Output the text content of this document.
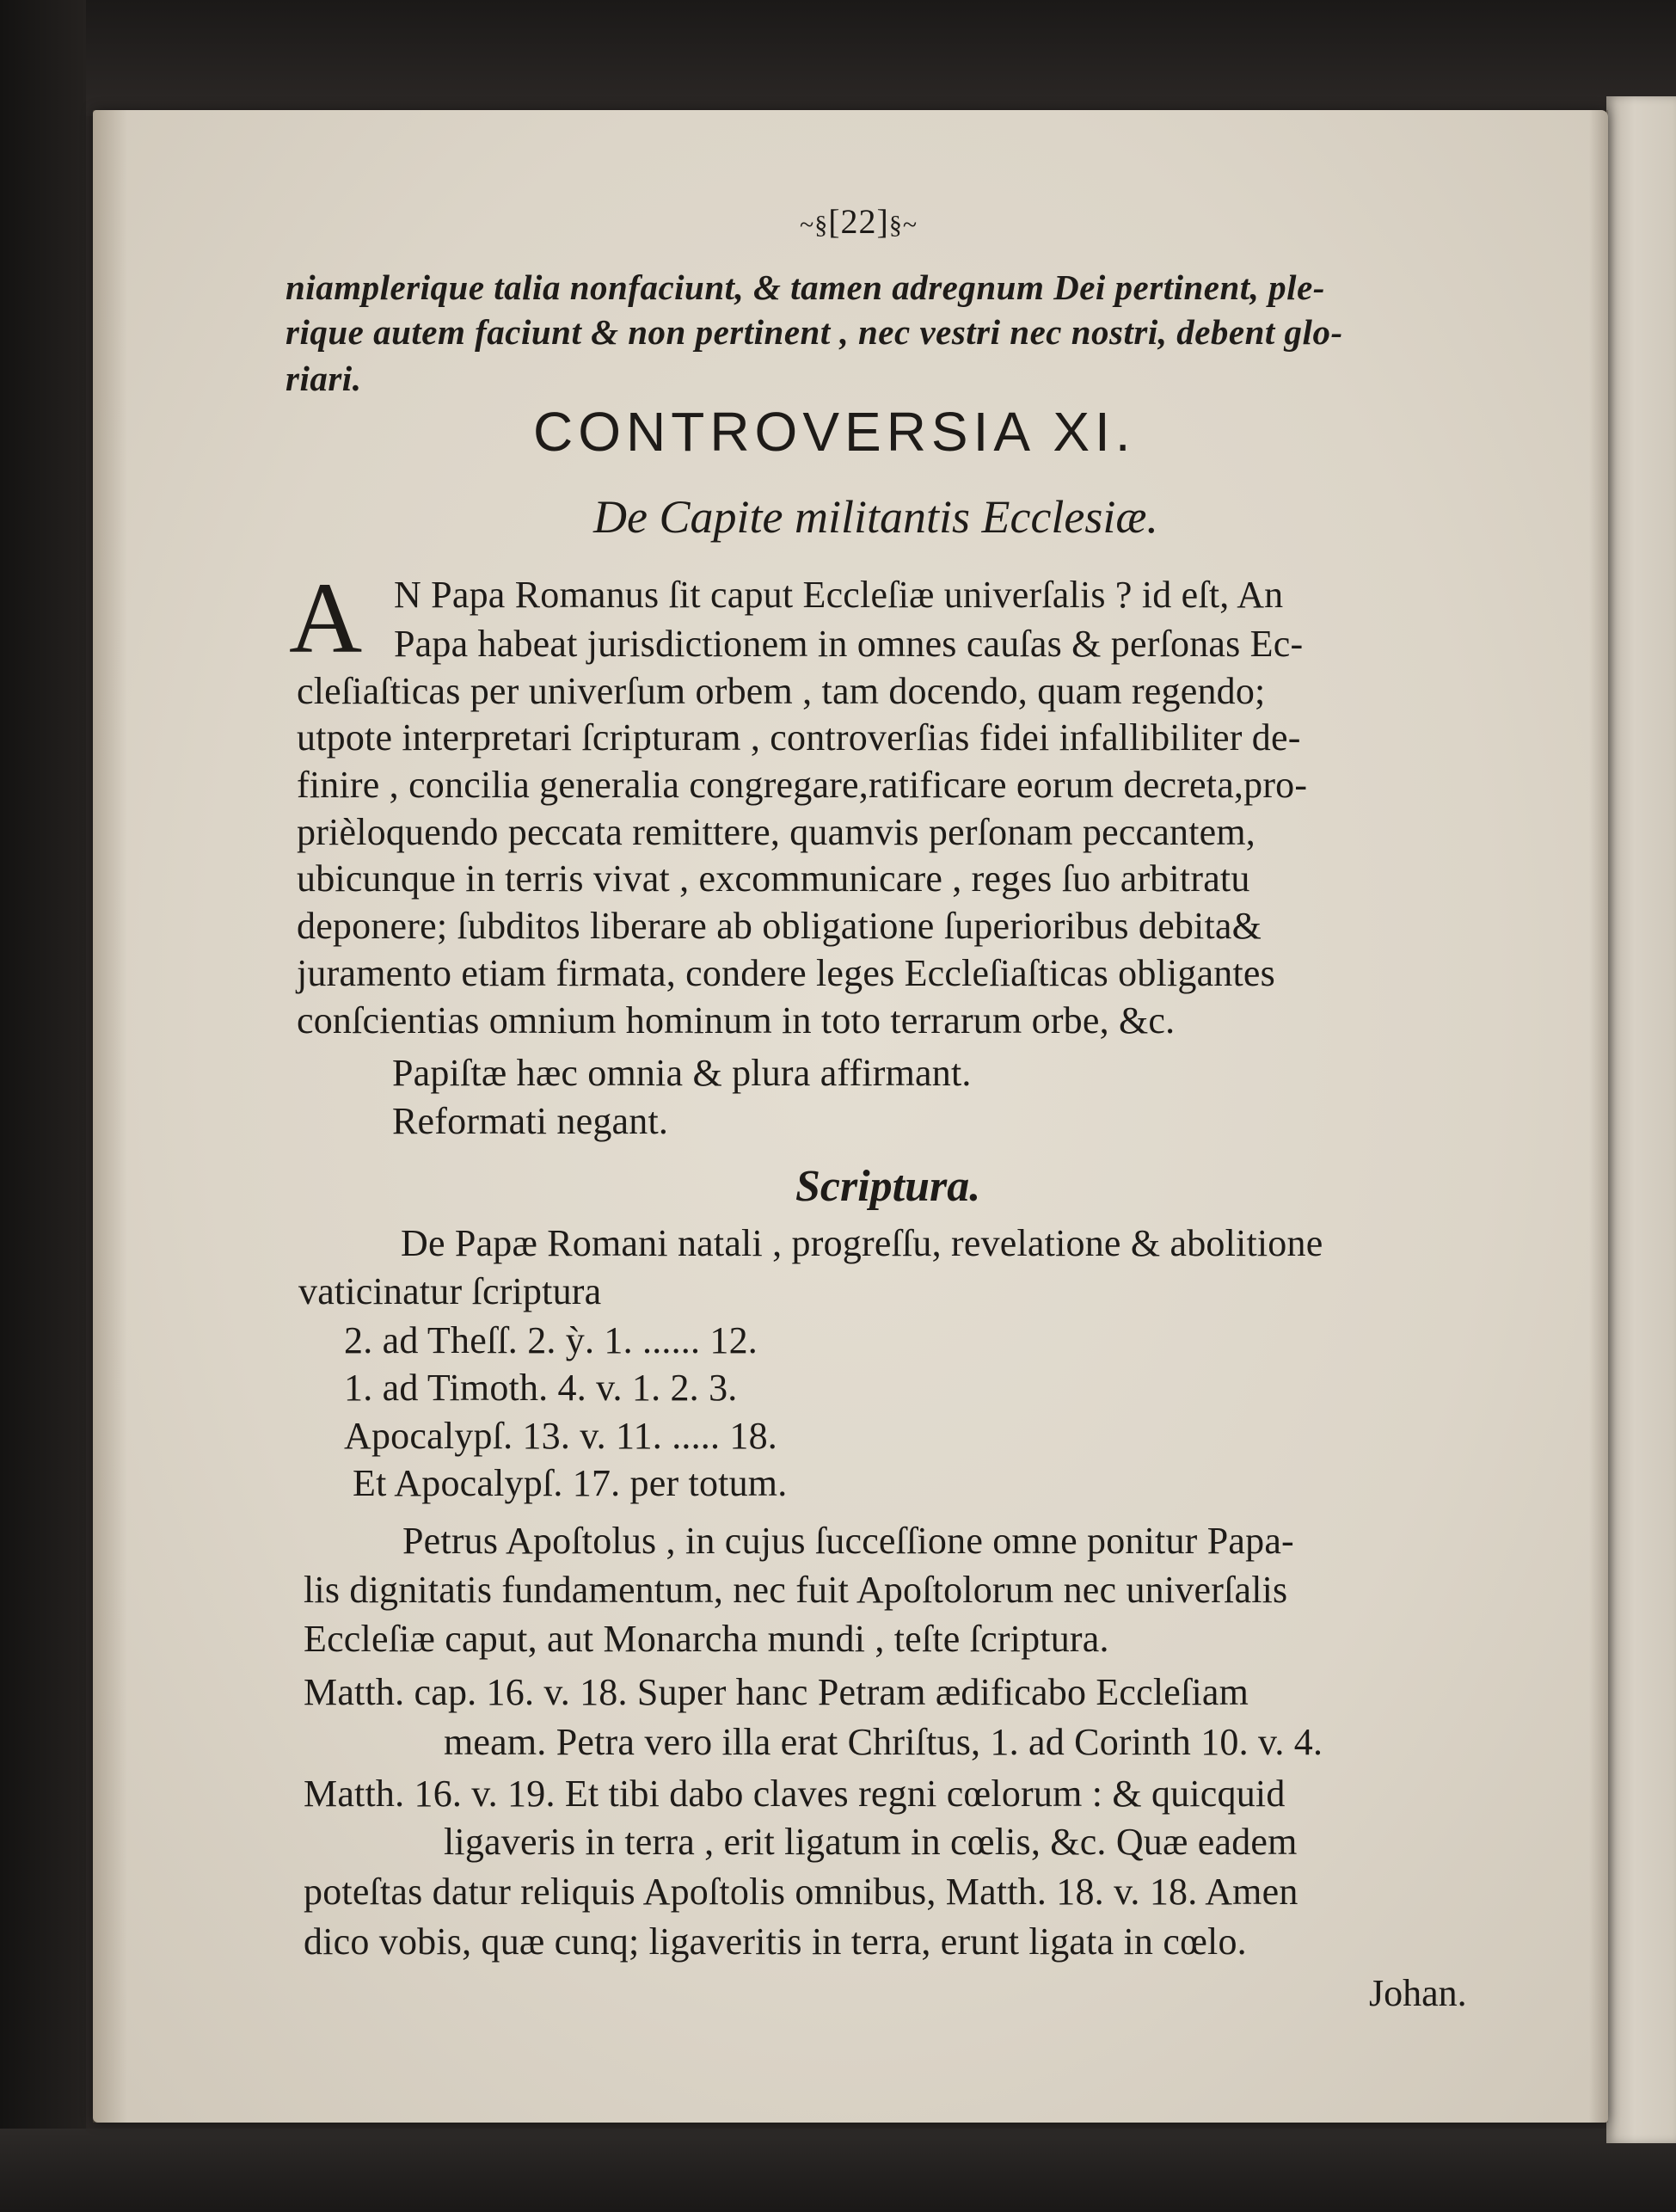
~§[22]§~
niamplerique talia nonfaciunt, & tamen adregnum Dei pertinent, ple-
rique autem faciunt & non pertinent , nec vestri nec nostri, debent glo-
riari.
CONTROVERSIA XI.
De Capite militantis Ecclesiæ.
A N Papa Romanus ſit caput Eccleſiæ univerſalis ? id eſt, An
Papa habeat jurisdictionem in omnes cauſas & perſonas Ec-
cleſiaſticas per univerſum orbem , tam docendo, quam regendo;
utpote interpretari ſcripturam , controverſias fidei infallibiliter de-
finire , concilia generalia congregare,ratificare eorum decreta,pro-
prièloquendo peccata remittere, quamvis perſonam peccantem,
ubicunque in terris vivat , excommunicare , reges ſuo arbitratu
deponere; ſubditos liberare ab obligatione ſuperioribus debita&
juramento etiam firmata, condere leges Eccleſiaſticas obligantes
conſcientias omnium hominum in toto terrarum orbe, &c.
Papiſtæ hæc omnia & plura affirmant.
Reformati negant.
Scriptura.
De Papæ Romani natali , progreſſu, revelatione & abolitione
vaticinatur ſcriptura
2. ad Theſſ. 2. ỳ. 1. ...... 12.
1. ad Timoth. 4. v. 1. 2. 3.
Apocalypſ. 13. v. 11. ..... 18.
Et Apocalypſ. 17. per totum.
Petrus Apoſtolus , in cujus ſucceſſione omne ponitur Papa-
lis dignitatis fundamentum, nec fuit Apoſtolorum nec univerſalis
Eccleſiæ caput, aut Monarcha mundi , teſte ſcriptura.
Matth. cap. 16. v. 18. Super hanc Petram ædificabo Eccleſiam
meam. Petra vero illa erat Chriſtus, 1. ad Corinth 10. v. 4.
Matth. 16. v. 19. Et tibi dabo claves regni cœlorum : & quicquid
ligaveris in terra , erit ligatum in cœlis, &c. Quæ eadem
poteſtas datur reliquis Apoſtolis omnibus, Matth. 18. v. 18. Amen
dico vobis, quæ cunq; ligaveritis in terra, erunt ligata in cœlo.
Johan.
